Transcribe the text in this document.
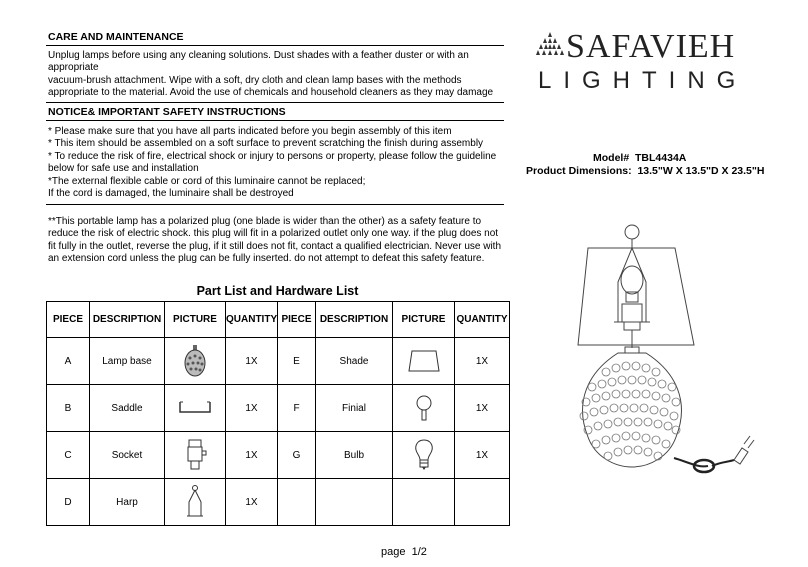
CARE AND MAINTENANCE
Unplug lamps before using any cleaning solutions. Dust shades with a feather duster or with an
appropriate
vacuum-brush attachment. Wipe with a soft, dry cloth and clean lamp bases with the methods
appropriate to the material. Avoid the use of chemicals and household cleaners as they may damage
NOTICE& IMPORTANT SAFETY INSTRUCTIONS
* Please make sure that you have all parts indicated before you begin assembly of this item
* This item should be assembled on a soft surface to prevent scratching the finish during assembly
* To reduce the risk of fire, electrical shock or injury to persons or property, please follow the guideline
below for safe use and installation
*The external flexible cable or cord of this luminaire cannot be replaced;
If the cord is damaged, the luminaire shall be destroyed
**This portable lamp has a polarized plug (one blade is wider than the other) as a safety feature to
reduce the risk of electric shock. this plug will fit in a polarized outlet only one way. if the plug does not
fit fully in the outlet, reverse the plug, if it still does not fit, contact a qualified electrician. Never use with
an extension cord unless the plug can be fully inserted. do not attempt to defeat this safety feature.
SAFAVIEH
LIGHTING
Model# TBL4434A
Product Dimensions: 13.5"W X 13.5"D X 23.5"H
Part List and Hardware List
PIECE	DESCRIPTION	PICTURE	QUANTITY	PIECE	DESCRIPTION	PICTURE	QUANTITY
A	Lamp base		1X	E	Shade		1X
B	Saddle		1X	F	Finial		1X
C	Socket		1X	G	Bulb		1X
D	Harp		1X				
page  1/2
